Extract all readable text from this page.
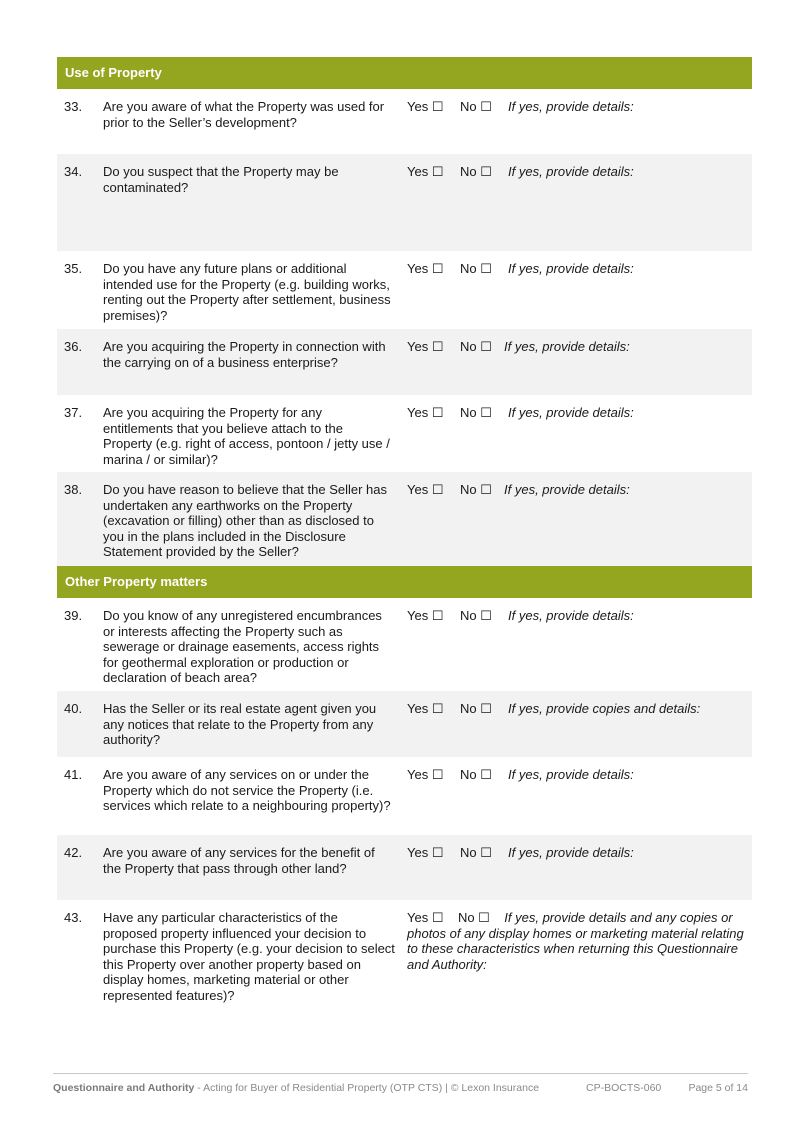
Use of Property
33. Are you aware of what the Property was used for prior to the Seller’s development?
Yes ☐ No ☐ If yes, provide details:
34. Do you suspect that the Property may be contaminated?
Yes ☐ No ☐ If yes, provide details:
35. Do you have any future plans or additional intended use for the Property (e.g. building works, renting out the Property after settlement, business premises)?
Yes ☐ No ☐ If yes, provide details:
36. Are you acquiring the Property in connection with the carrying on of a business enterprise?
Yes ☐ No ☐ If yes, provide details:
37. Are you acquiring the Property for any entitlements that you believe attach to the Property (e.g. right of access, pontoon / jetty use / marina / or similar)?
Yes ☐ No ☐ If yes, provide details:
38. Do you have reason to believe that the Seller has undertaken any earthworks on the Property (excavation or filling) other than as disclosed to you in the plans included in the Disclosure Statement provided by the Seller?
Yes ☐ No ☐ If yes, provide details:
Other Property matters
39. Do you know of any unregistered encumbrances or interests affecting the Property such as sewerage or drainage easements, access rights for geothermal exploration or production or declaration of beach area?
Yes ☐ No ☐ If yes, provide details:
40. Has the Seller or its real estate agent given you any notices that relate to the Property from any authority?
Yes ☐ No ☐ If yes, provide copies and details:
41. Are you aware of any services on or under the Property which do not service the Property (i.e. services which relate to a neighbouring property)?
Yes ☐ No ☐ If yes, provide details:
42. Are you aware of any services for the benefit of the Property that pass through other land?
Yes ☐ No ☐ If yes, provide details:
43. Have any particular characteristics of the proposed property influenced your decision to purchase this Property (e.g. your decision to select this Property over another property based on display homes, marketing material or other represented features)?
Yes ☐ No ☐ If yes, provide details and any copies or photos of any display homes or marketing material relating to these characteristics when returning this Questionnaire and Authority:
Questionnaire and Authority - Acting for Buyer of Residential Property (OTP CTS) | © Lexon Insurance	CP-BOCTS-060	Page 5 of 14
